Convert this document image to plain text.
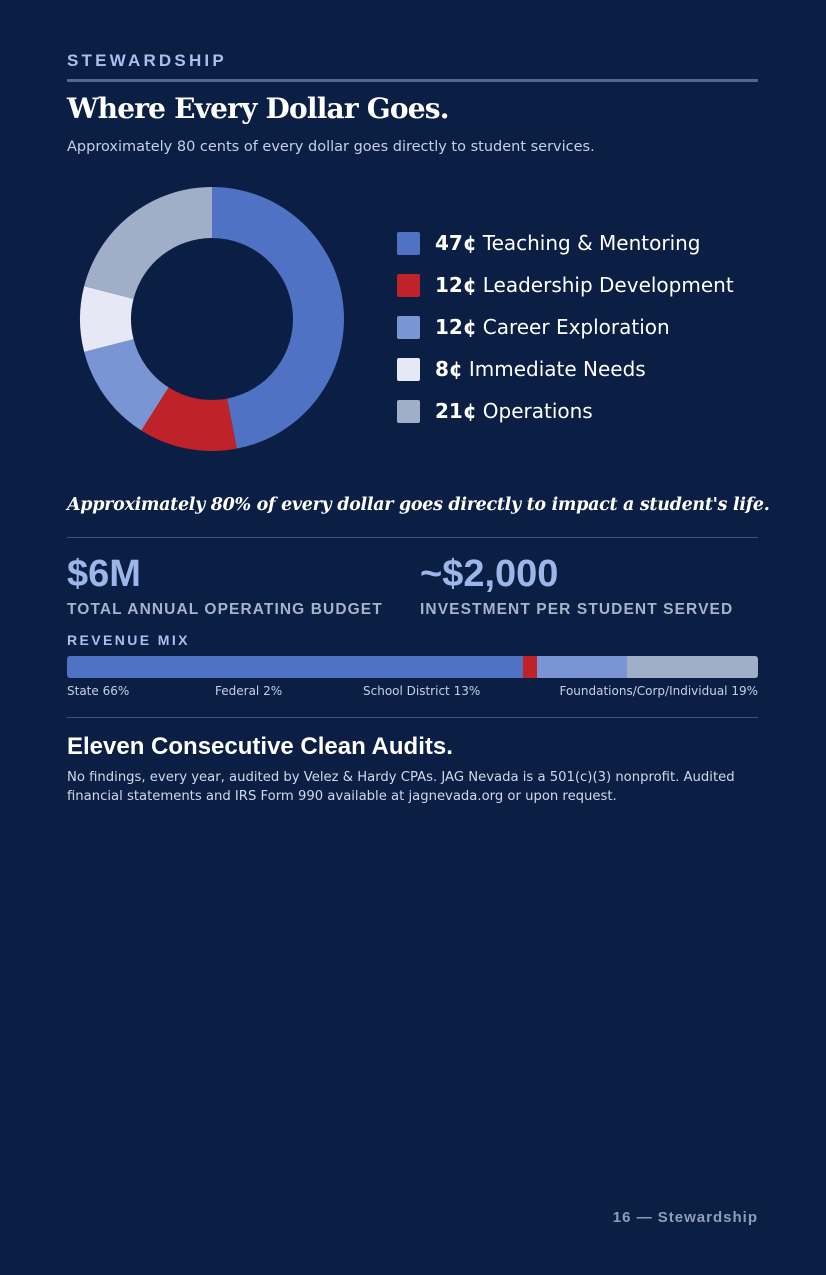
STEWARDSHIP
Where Every Dollar Goes.
Approximately 80 cents of every dollar goes directly to student services.
47¢ Teaching & Mentoring
12¢ Leadership Development
12¢ Career Exploration
8¢ Immediate Needs
21¢ Operations
Approximately 80% of every dollar goes directly to impact a student's life.
$6M
TOTAL ANNUAL OPERATING BUDGET
~$2,000
INVESTMENT PER STUDENT SERVED
REVENUE MIX
State 66%	Federal 2%	School District 13%	Foundations/Corp/Individual 19%
Eleven Consecutive Clean Audits.
No findings, every year, audited by Velez & Hardy CPAs. JAG Nevada is a 501(c)(3) nonprofit. Audited financial statements and IRS Form 990 available at jagnevada.org or upon request.
16 — Stewardship
